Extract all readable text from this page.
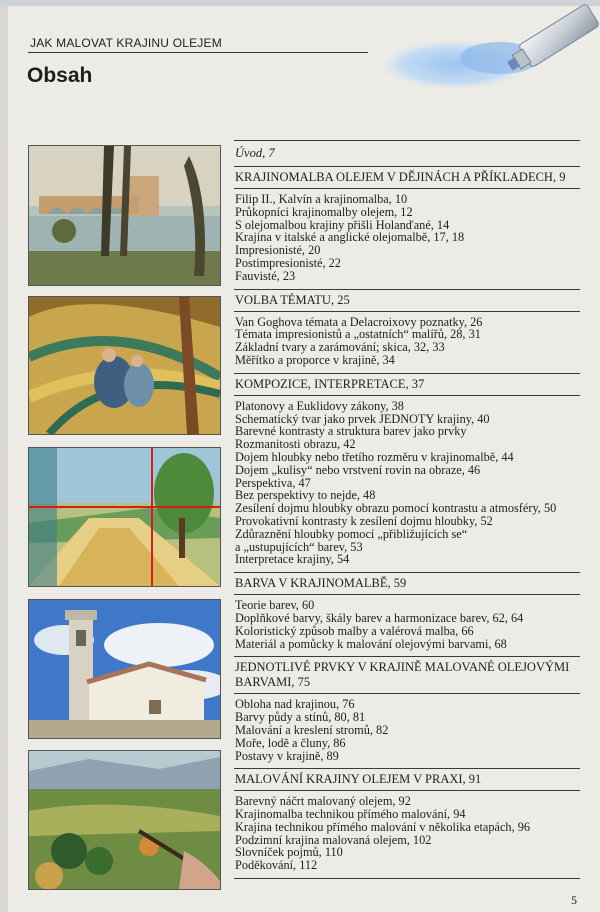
JAK MALOVAT KRAJINU OLEJEM
Obsah
Úvod, 7
KRAJINOMALBA OLEJEM V DĚJINÁCH A PŘÍKLADECH, 9
Filip II., Kalvín a krajinomalba, 10
Průkopníci krajinomalby olejem, 12
S olejomalbou krajiny přišli Holanďané, 14
Krajina v italské a anglické olejomalbě, 17, 18
Impresionisté, 20
Postimpresionisté, 22
Fauvisté, 23
VOLBA TÉMATU, 25
Van Goghova témata a Delacroixovy poznatky, 26
Témata impresionistů a „ostatních“ malířů, 28, 31
Základní tvary a zarámování; skica, 32, 33
Měřítko a proporce v krajině, 34
KOMPOZICE, INTERPRETACE, 37
Platonovy a Euklidovy zákony, 38
Schematický tvar jako prvek JEDNOTY krajiny, 40
Barevné kontrasty a struktura barev jako prvky
Rozmanitosti obrazu, 42
Dojem hloubky nebo třetího rozměru v krajinomalbě, 44
Dojem „kulisy“ nebo vrstvení rovin na obraze, 46
Perspektiva, 47
Bez perspektivy to nejde, 48
Zesílení dojmu hloubky obrazu pomocí kontrastu a atmosféry, 50
Provokativní kontrasty k zesílení dojmu hloubky, 52
Zdůraznění hloubky pomocí „přibližujících se“
a „ustupujících“ barev, 53
Interpretace krajiny, 54
BARVA V KRAJINOMALBĚ, 59
Teorie barev, 60
Doplňkové barvy, škály barev a harmonizace barev, 62, 64
Koloristický způsob malby a valérová malba, 66
Materiál a pomůcky k malování olejovými barvami, 68
JEDNOTLIVÉ PRVKY V KRAJINĚ MALOVANÉ OLEJOVÝMI BARVAMI, 75
Obloha nad krajinou, 76
Barvy půdy a stínů, 80, 81
Malování a kreslení stromů, 82
Moře, lodě a čluny, 86
Postavy v krajině, 89
MALOVÁNÍ KRAJINY OLEJEM V PRAXI, 91
Barevný náčrt malovaný olejem, 92
Krajinomalba technikou přímého malování, 94
Krajina technikou přímého malování v několika etapách, 96
Podzimní krajina malovaná olejem, 102
Slovníček pojmů, 110
Poděkování, 112
5
